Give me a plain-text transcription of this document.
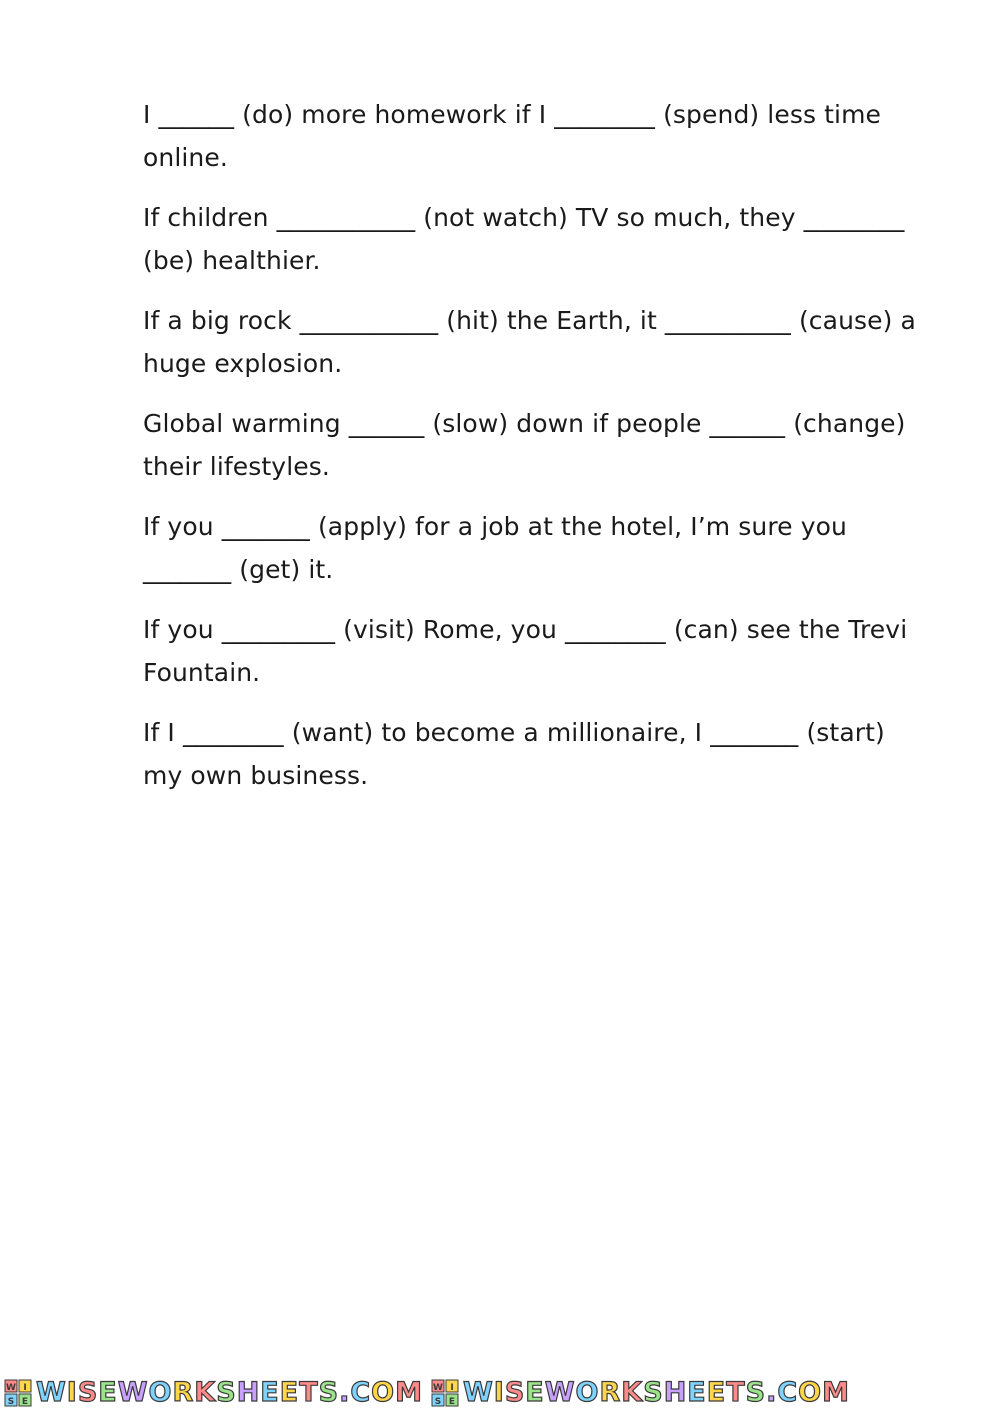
I ______ (do) more homework if I ________ (spend) less time online.

If children ___________ (not watch) TV so much, they ________ (be) healthier.

If a big rock ___________ (hit) the Earth, it __________ (cause) a huge explosion.

Global warming ______ (slow) down if people ______ (change) their lifestyles.

If you _______ (apply) for a job at the hotel, I’m sure you _______ (get) it.

If you _________ (visit) Rome, you ________ (can) see the Trevi Fountain.

If I ________ (want) to become a millionaire, I _______ (start) my own business.

W I
S E WISEWORKSHEETS.COM W I
S E WISEWORKSHEETS.COM
